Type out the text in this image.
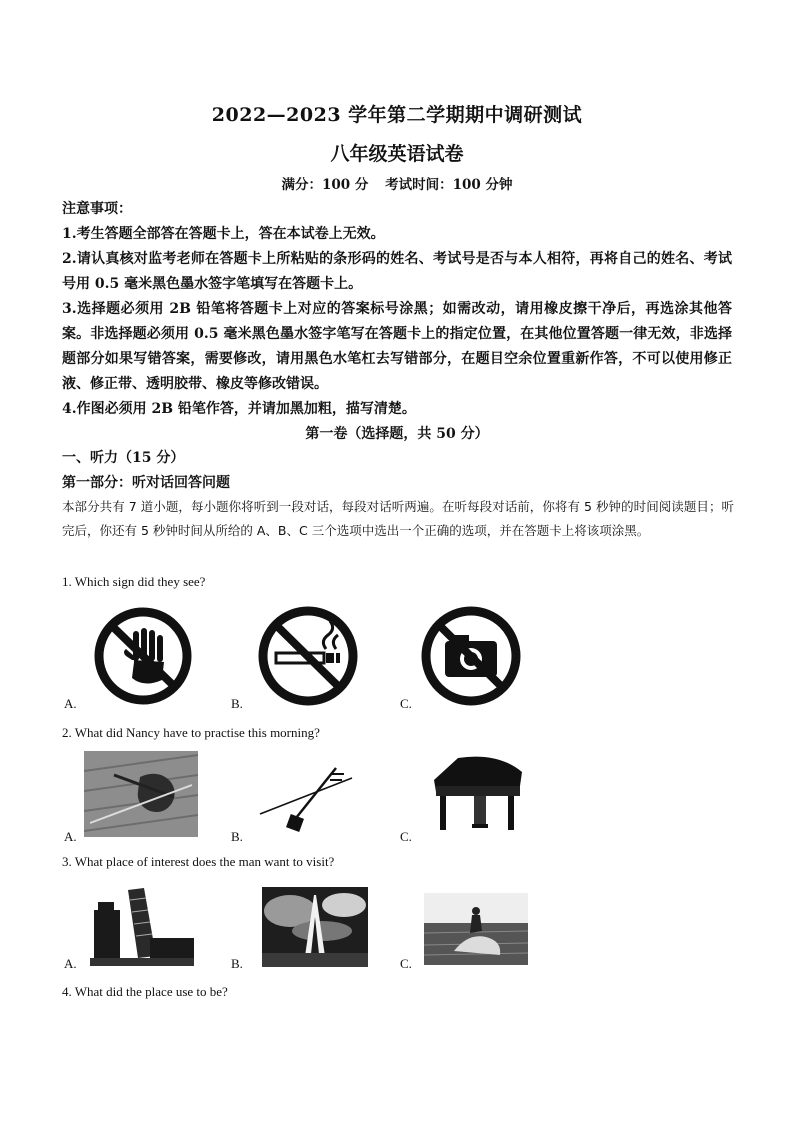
2022—2023 学年第二学期期中调研测试
八年级英语试卷
满分：100 分 考试时间：100 分钟

注意事项：

1.考生答题全部答在答题卡上，答在本试卷上无效。

2.请认真核对监考老师在答题卡上所粘贴的条形码的姓名、考试号是否与本人相符，再将自己的姓名、考试号用 0.5 毫米黑色墨水签字笔填写在答题卡上。

3.选择题必须用 2B 铅笔将答题卡上对应的答案标号涂黑；如需改动，请用橡皮擦干净后，再选涂其他答案。非选择题必须用 0.5 毫米黑色墨水签字笔写在答题卡上的指定位置，在其他位置答题一律无效，非选择题部分如果写错答案，需要修改，请用黑色水笔杠去写错部分，在题目空余位置重新作答，不可以使用修正液、修正带、透明胶带、橡皮等修改错误。

4.作图必须用 2B 铅笔作答，并请加黑加粗，描写清楚。

第一卷（选择题，共 50 分）
一、听力（15 分）
第一部分：听对话回答问题
本部分共有 7 道小题，每小题你将听到一段对话，每段对话听两遍。在听每段对话前，你将有 5 秒钟的时间阅读题目；听完后，你还有 5 秒钟时间从所给的 A、B、C 三个选项中选出一个正确的选项，并在答题卡上将该项涂黑。
1. Which sign did they see?
A.	B.	C.
2. What did Nancy have to practise this morning?
A.	B.	C.
3. What place of interest does the man want to visit?
A.	B.	C.
4. What did the place use to be?
